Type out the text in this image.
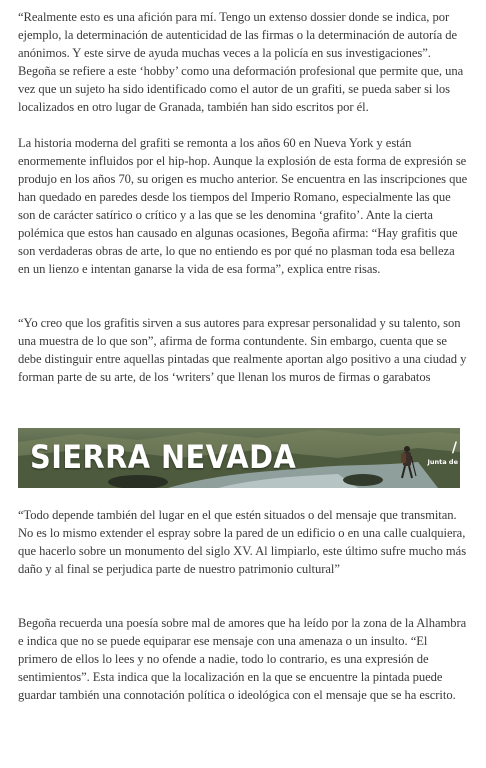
“Realmente esto es una afición para mí. Tengo un extenso dossier donde se indica, por ejemplo, la determinación de autenticidad de las firmas o la determinación de autoría de anónimos. Y este sirve de ayuda muchas veces a la policía en sus investigaciones”. Begoña se refiere a este ‘hobby’ como una deformación profesional que permite que, una vez que un sujeto ha sido identificado como el autor de un grafiti, se pueda saber si los localizados en otro lugar de Granada, también han sido escritos por él.

La historia moderna del grafiti se remonta a los años 60 en Nueva York y están enormemente influidos por el hip-hop. Aunque la explosión de esta forma de expresión se produjo en los años 70, su origen es mucho anterior. Se encuentra en las inscripciones que han quedado en paredes desde los tiempos del Imperio Romano, especialmente las que son de carácter satírico o crítico y a las que se les denomina ‘grafito’. Ante la cierta polémica que estos han causado en algunas ocasiones, Begoña afirma: “Hay grafitis que son verdaderas obras de arte, lo que no entiendo es por qué no plasman toda esa belleza en un lienzo e intentan ganarse la vida de esa forma”, explica entre risas.

“Yo creo que los grafitis sirven a sus autores para expresar personalidad y su talento, son una muestra de lo que son”, afirma de forma contundente. Sin embargo, cuenta que se debe distinguir entre aquellas pintadas que realmente aportan algo positivo a una ciudad y forman parte de su arte, de los ‘writers’ que llenan los muros de firmas o garabatos

SIERRA NEVADA	/
Junta de

“Todo depende también del lugar en el que estén situados o del mensaje que transmitan. No es lo mismo extender el espray sobre la pared de un edificio o en una calle cualquiera, que hacerlo sobre un monumento del siglo XV. Al limpiarlo, este último sufre mucho más daño y al final se perjudica parte de nuestro patrimonio cultural”

Begoña recuerda una poesía sobre mal de amores que ha leído por la zona de la Alhambra e indica que no se puede equiparar ese mensaje con una amenaza o un insulto. “El primero de ellos lo lees y no ofende a nadie, todo lo contrario, es una expresión de sentimientos”. Esta indica que la localización en la que se encuentre la pintada puede guardar también una connotación política o ideológica con el mensaje que se ha escrito.
